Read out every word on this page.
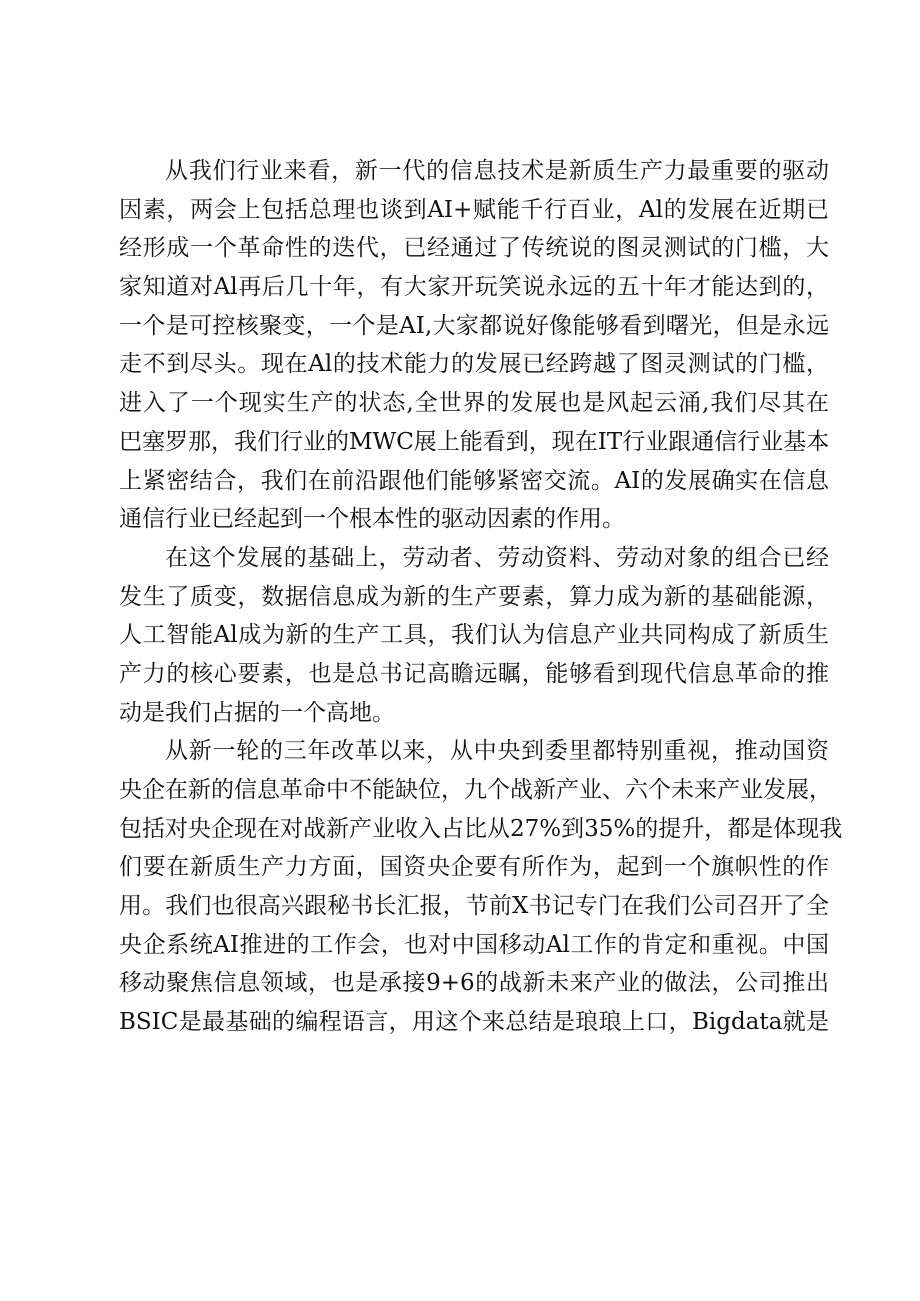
从我们行业来看，新一代的信息技术是新质生产力最重要的驱动
因素，两会上包括总理也谈到AI+赋能千行百业，Al的发展在近期已
经形成一个革命性的迭代，已经通过了传统说的图灵测试的门槛，大
家知道对Al再后几十年，有大家开玩笑说永远的五十年才能达到的，
一个是可控核聚变，一个是AI,大家都说好像能够看到曙光，但是永远
走不到尽头。现在Al的技术能力的发展已经跨越了图灵测试的门槛，
进入了一个现实生产的状态,全世界的发展也是风起云涌,我们尽其在
巴塞罗那，我们行业的MWC展上能看到，现在IT行业跟通信行业基本
上紧密结合，我们在前沿跟他们能够紧密交流。AI的发展确实在信息
通信行业已经起到一个根本性的驱动因素的作用。
在这个发展的基础上，劳动者、劳动资料、劳动对象的组合已经
发生了质变，数据信息成为新的生产要素，算力成为新的基础能源，
人工智能Al成为新的生产工具，我们认为信息产业共同构成了新质生
产力的核心要素，也是总书记高瞻远瞩，能够看到现代信息革命的推
动是我们占据的一个高地。
从新一轮的三年改革以来，从中央到委里都特别重视，推动国资
央企在新的信息革命中不能缺位，九个战新产业、六个未来产业发展，
包括对央企现在对战新产业收入占比从27%到35%的提升，都是体现我
们要在新质生产力方面，国资央企要有所作为，起到一个旗帜性的作
用。我们也很高兴跟秘书长汇报，节前X书记专门在我们公司召开了全
央企系统AI推进的工作会，也对中国移动Al工作的肯定和重视。中国
移动聚焦信息领域，也是承接9+6的战新未来产业的做法，公司推出
BSIC是最基础的编程语言，用这个来总结是琅琅上口，Bigdata就是
